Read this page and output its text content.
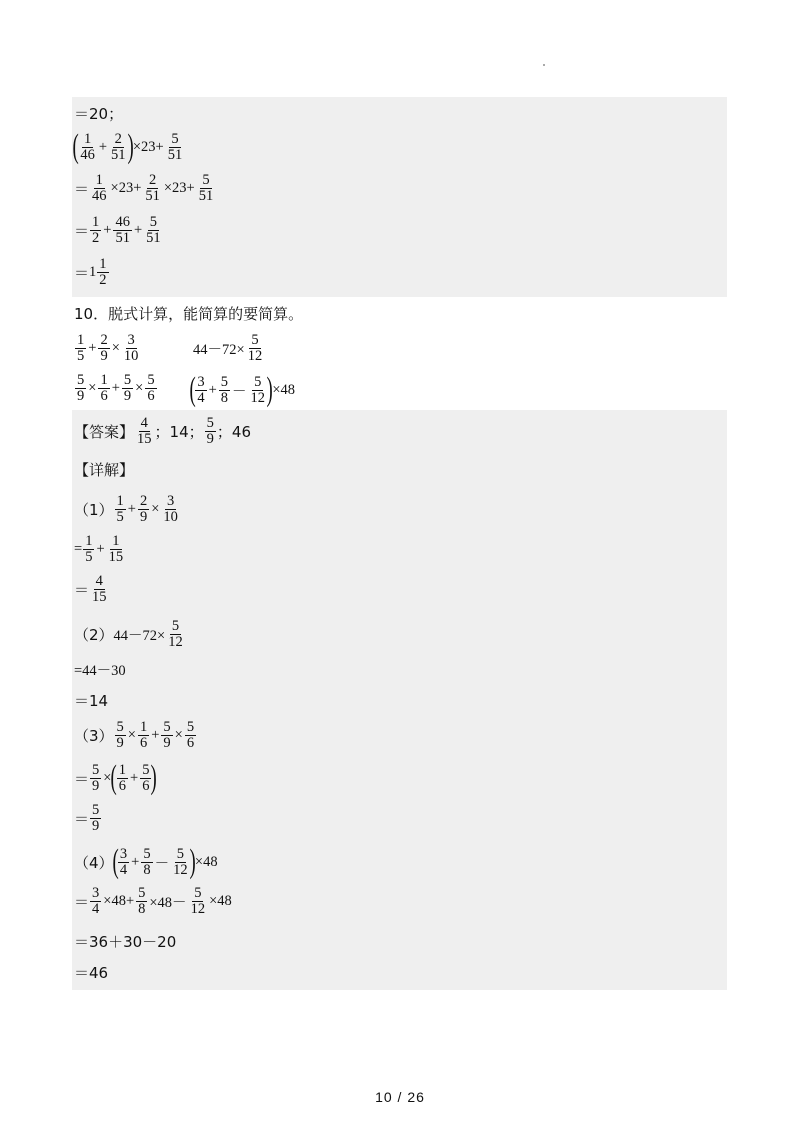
＝20；
( $\frac{1}{46} + \frac{2}{51}$ ) $\times 23+ \frac{5}{51}$
＝ $\frac{1}{46} \times 23+ \frac{2}{51} \times 23+ \frac{5}{51}$
＝ $\frac{1}{2} + \frac{46}{51} + \frac{5}{51}$
＝ $1 \frac{1}{2}$
10．脱式计算，能简算的要简算。
$\frac{1}{5} + \frac{2}{9} \times \frac{3}{10}$	$44-72\times \frac{5}{12}$
$\frac{5}{9} \times \frac{1}{6} + \frac{5}{9} \times \frac{5}{6}$ ( $\frac{3}{4} + \frac{5}{8} - \frac{5}{12}$ ) ×48
【答案】 $\frac{4}{15}$ ； 14 ； $\frac{5}{9}$ ； 46
【详解】
$(1) \frac{1}{5} + \frac{2}{9} \times \frac{3}{10}$
= $\frac{1}{5} + \frac{1}{15}$
＝ $\frac{4}{15}$
（2） $44-72\times \frac{5}{12}$
=44－30
＝14
$(3) \frac{5}{9} \times \frac{1}{6} + \frac{5}{9} \times \frac{5}{6}$
＝ $\frac{5}{9}$ × ( $\frac{1}{6} + \frac{5}{6}$ )
＝ $\frac{5}{9}$
（4）
( $\frac{3}{4} + \frac{5}{8} - \frac{5}{12}$ ) ×48
＝ $\frac{3}{4} \times 48+ \frac{5}{8} \times 48- \frac{5}{12} \times 48$
＝36＋30－20
＝46
10 / 26
